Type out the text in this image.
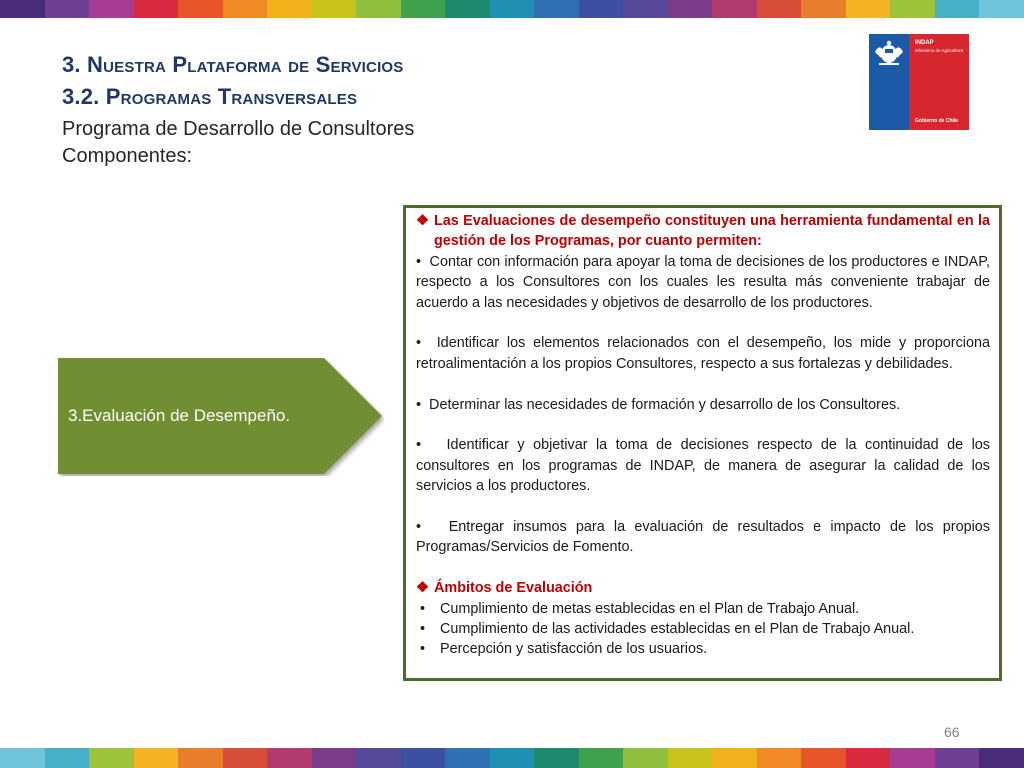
3. Nuestra Plataforma de Servicios
3.2. Programas Transversales
Programa de Desarrollo de Consultores
Componentes:
INDAP
Ministerio de Agricultura
Gobierno de Chile
3.Evaluación de Desempeño.
❖ Las Evaluaciones de desempeño constituyen una herramienta fundamental en la gestión de los Programas, por cuanto permiten:

• Contar con información para apoyar la toma de decisiones de los productores e INDAP, respecto a los Consultores con los cuales les resulta más conveniente trabajar de acuerdo a las necesidades y objetivos de desarrollo de los productores.

• Identificar los elementos relacionados con el desempeño, los mide y proporciona retroalimentación a los propios Consultores, respecto a sus fortalezas y debilidades.

• Determinar las necesidades de formación y desarrollo de los Consultores.

• Identificar y objetivar la toma de decisiones respecto de la continuidad de los consultores en los programas de INDAP, de manera de asegurar la calidad de los servicios a los productores.

• Entregar insumos para la evaluación de resultados e impacto de los propios Programas/Servicios de Fomento.

❖ Ámbitos de Evaluación
•	Cumplimiento de metas establecidas en el Plan de Trabajo Anual.
•	Cumplimiento de las actividades establecidas en el Plan de Trabajo Anual.
•	Percepción y satisfacción de los usuarios.
66
